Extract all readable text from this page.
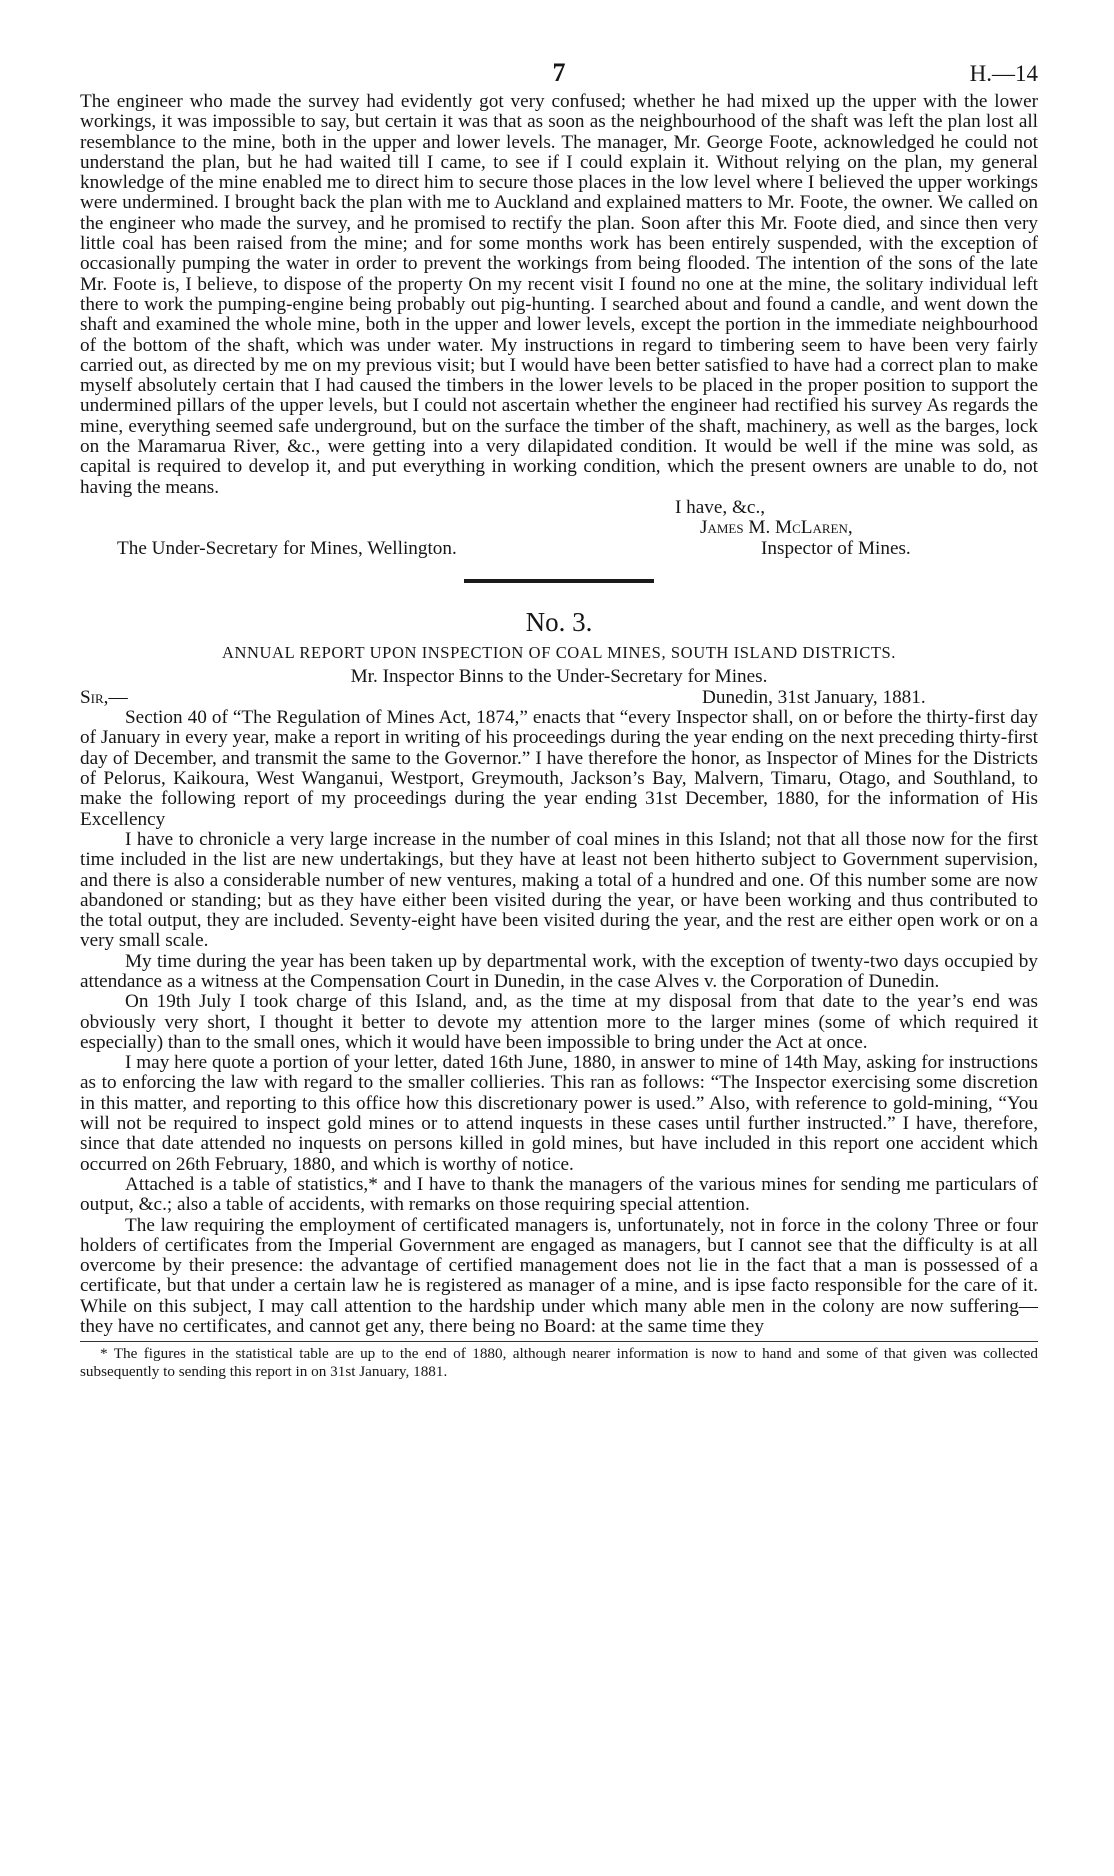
7	H.—14

The engineer who made the survey had evidently got very confused; whether he had mixed up the upper with the lower workings, it was impossible to say, but certain it was that as soon as the neighbourhood of the shaft was left the plan lost all resemblance to the mine, both in the upper and lower levels. The manager, Mr. George Foote, acknowledged he could not understand the plan, but he had waited till I came, to see if I could explain it. Without relying on the plan, my general knowledge of the mine enabled me to direct him to secure those places in the low level where I believed the upper workings were undermined. I brought back the plan with me to Auckland and explained matters to Mr. Foote, the owner. We called on the engineer who made the survey, and he promised to rectify the plan. Soon after this Mr. Foote died, and since then very little coal has been raised from the mine; and for some months work has been entirely suspended, with the exception of occasionally pumping the water in order to prevent the workings from being flooded. The intention of the sons of the late Mr. Foote is, I believe, to dispose of the property On my recent visit I found no one at the mine, the solitary individual left there to work the pumping-engine being probably out pig-hunting. I searched about and found a candle, and went down the shaft and examined the whole mine, both in the upper and lower levels, except the portion in the immediate neighbourhood of the bottom of the shaft, which was under water. My instructions in regard to timbering seem to have been very fairly carried out, as directed by me on my previous visit; but I would have been better satisfied to have had a correct plan to make myself absolutely certain that I had caused the timbers in the lower levels to be placed in the proper position to support the undermined pillars of the upper levels, but I could not ascertain whether the engineer had rectified his survey As regards the mine, everything seemed safe underground, but on the surface the timber of the shaft, machinery, as well as the barges, lock on the Maramarua River, &c., were getting into a very dilapidated condition. It would be well if the mine was sold, as capital is required to develop it, and put everything in working condition, which the present owners are unable to do, not having the means.

I have, &c.,
James M. McLaren,
The Under-Secretary for Mines, Wellington.	Inspector of Mines.
No. 3.
ANNUAL REPORT UPON INSPECTION OF COAL MINES, SOUTH ISLAND DISTRICTS.
Mr. Inspector Binns to the Under-Secretary for Mines.
Sir,—	Dunedin, 31st January, 1881.

Section 40 of “The Regulation of Mines Act, 1874,” enacts that “every Inspector shall, on or before the thirty-first day of January in every year, make a report in writing of his proceedings during the year ending on the next preceding thirty-first day of December, and transmit the same to the Governor.” I have therefore the honor, as Inspector of Mines for the Districts of Pelorus, Kaikoura, West Wanganui, Westport, Greymouth, Jackson’s Bay, Malvern, Timaru, Otago, and Southland, to make the following report of my proceedings during the year ending 31st December, 1880, for the information of His Excellency

I have to chronicle a very large increase in the number of coal mines in this Island; not that all those now for the first time included in the list are new undertakings, but they have at least not been hitherto subject to Government supervision, and there is also a considerable number of new ventures, making a total of a hundred and one. Of this number some are now abandoned or standing; but as they have either been visited during the year, or have been working and thus contributed to the total output, they are included. Seventy-eight have been visited during the year, and the rest are either open work or on a very small scale.

My time during the year has been taken up by departmental work, with the exception of twenty-two days occupied by attendance as a witness at the Compensation Court in Dunedin, in the case Alves v. the Corporation of Dunedin.

On 19th July I took charge of this Island, and, as the time at my disposal from that date to the year’s end was obviously very short, I thought it better to devote my attention more to the larger mines (some of which required it especially) than to the small ones, which it would have been impossible to bring under the Act at once.

I may here quote a portion of your letter, dated 16th June, 1880, in answer to mine of 14th May, asking for instructions as to enforcing the law with regard to the smaller collieries. This ran as follows: “The Inspector exercising some discretion in this matter, and reporting to this office how this discretionary power is used.” Also, with reference to gold-mining, “You will not be required to inspect gold mines or to attend inquests in these cases until further instructed.” I have, therefore, since that date attended no inquests on persons killed in gold mines, but have included in this report one accident which occurred on 26th February, 1880, and which is worthy of notice.

Attached is a table of statistics,* and I have to thank the managers of the various mines for sending me particulars of output, &c.; also a table of accidents, with remarks on those requiring special attention.

The law requiring the employment of certificated managers is, unfortunately, not in force in the colony Three or four holders of certificates from the Imperial Government are engaged as managers, but I cannot see that the difficulty is at all overcome by their presence: the advantage of certified management does not lie in the fact that a man is possessed of a certificate, but that under a certain law he is registered as manager of a mine, and is ipse facto responsible for the care of it. While on this subject, I may call attention to the hardship under which many able men in the colony are now suffering—they have no certificates, and cannot get any, there being no Board: at the same time they

* The figures in the statistical table are up to the end of 1880, although nearer information is now to hand and some of that given was collected subsequently to sending this report in on 31st January, 1881.
